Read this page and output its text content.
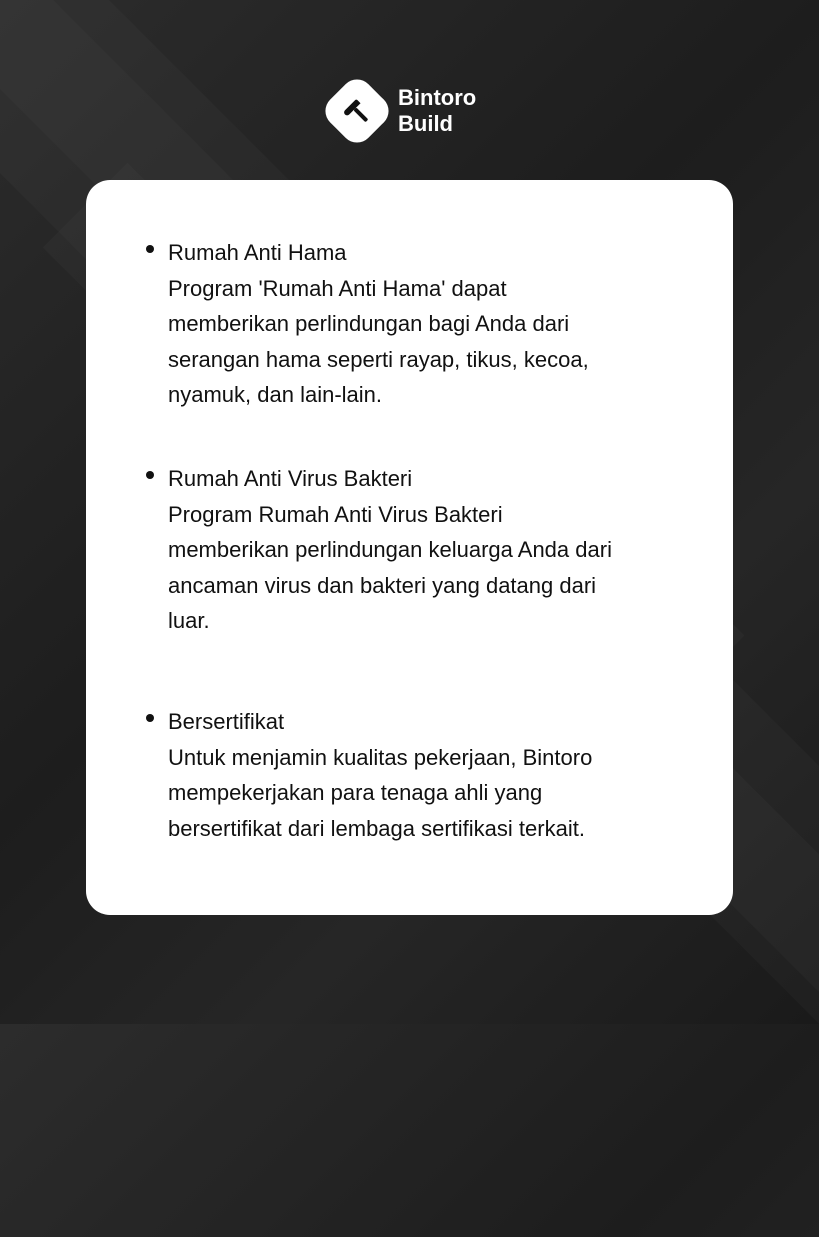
Bintoro
Build
Rumah Anti Hama
Program 'Rumah Anti Hama' dapat
memberikan perlindungan bagi Anda dari
serangan hama seperti rayap, tikus, kecoa,
nyamuk, dan lain-lain.
Rumah Anti Virus Bakteri
Program Rumah Anti Virus Bakteri
memberikan perlindungan keluarga Anda dari
ancaman virus dan bakteri yang datang dari
luar.
Bersertifikat
Untuk menjamin kualitas pekerjaan, Bintoro
mempekerjakan para tenaga ahli yang
bersertifikat dari lembaga sertifikasi terkait.
